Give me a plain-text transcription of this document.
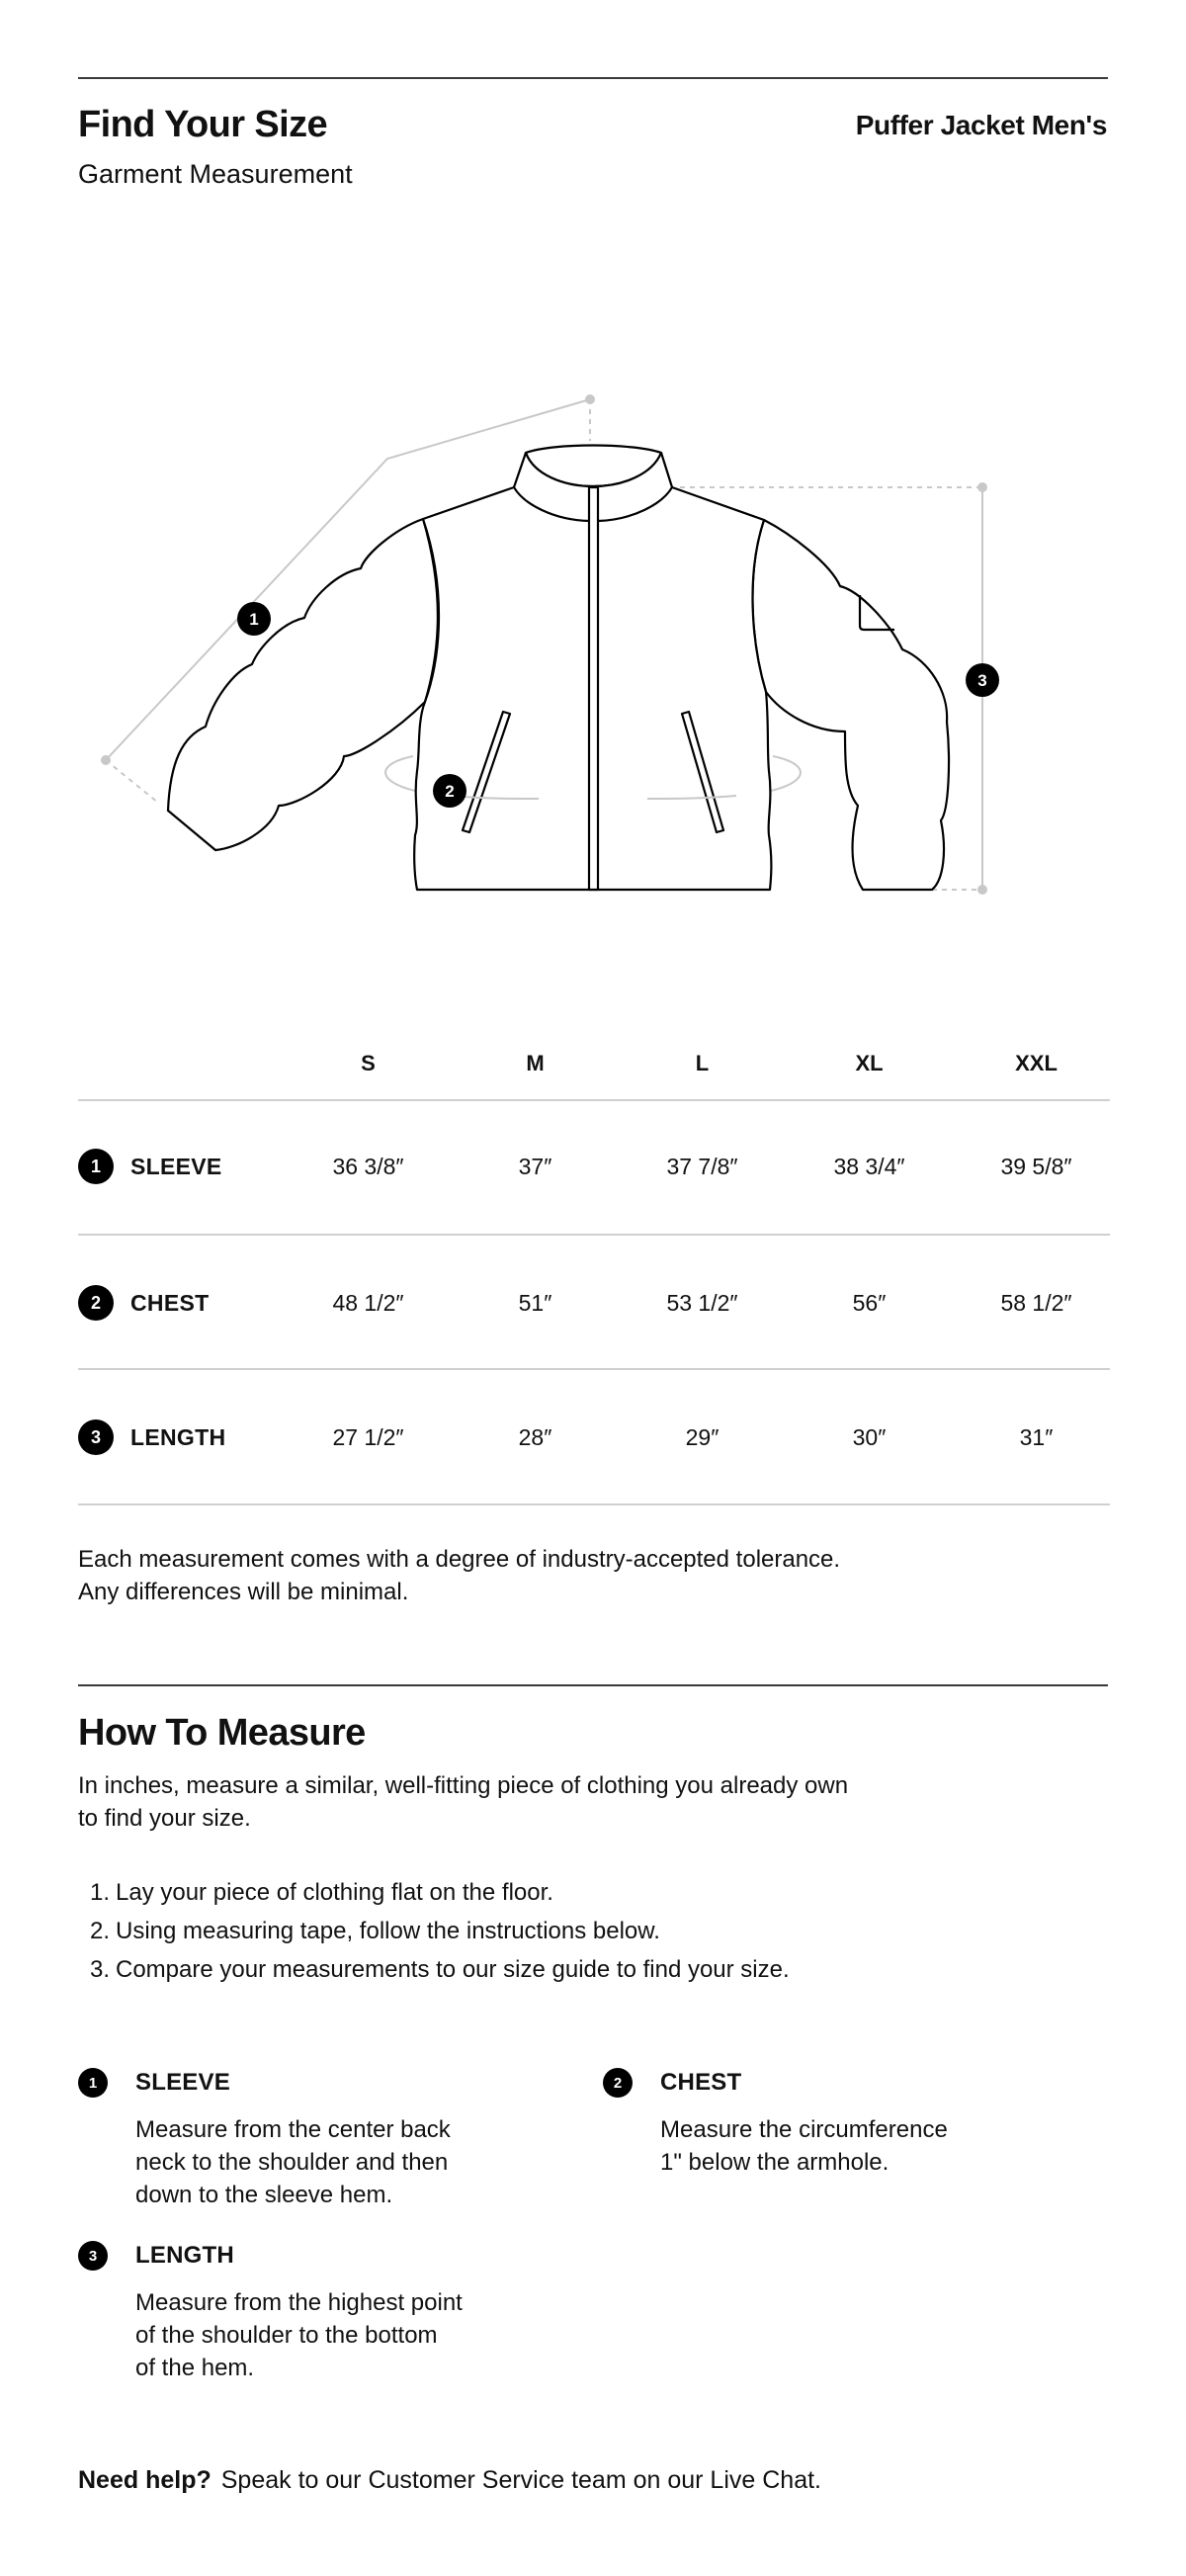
Find Your Size
Garment Measurement
Puffer Jacket Men's
1
2
3
S	M	L	XL	XXL
1	SLEEVE	36 3/8″	37″	37 7/8″	38 3/4″	39 5/8″
2	CHEST	48 1/2″	51″	53 1/2″	56″	58 1/2″
3	LENGTH	27 1/2″	28″	29″	30″	31″
Each measurement comes with a degree of industry-accepted tolerance.
Any differences will be minimal.
How To Measure
In inches, measure a similar, well-fitting piece of clothing you already own
to find your size.
1. Lay your piece of clothing flat on the floor.
2. Using measuring tape, follow the instructions below.
3. Compare your measurements to our size guide to find your size.
1	SLEEVE
Measure from the center back
neck to the shoulder and then
down to the sleeve hem.
2	CHEST
Measure the circumference
1" below the armhole.
3	LENGTH
Measure from the highest point
of the shoulder to the bottom
of the hem.
Need help? Speak to our Customer Service team on our Live Chat.
